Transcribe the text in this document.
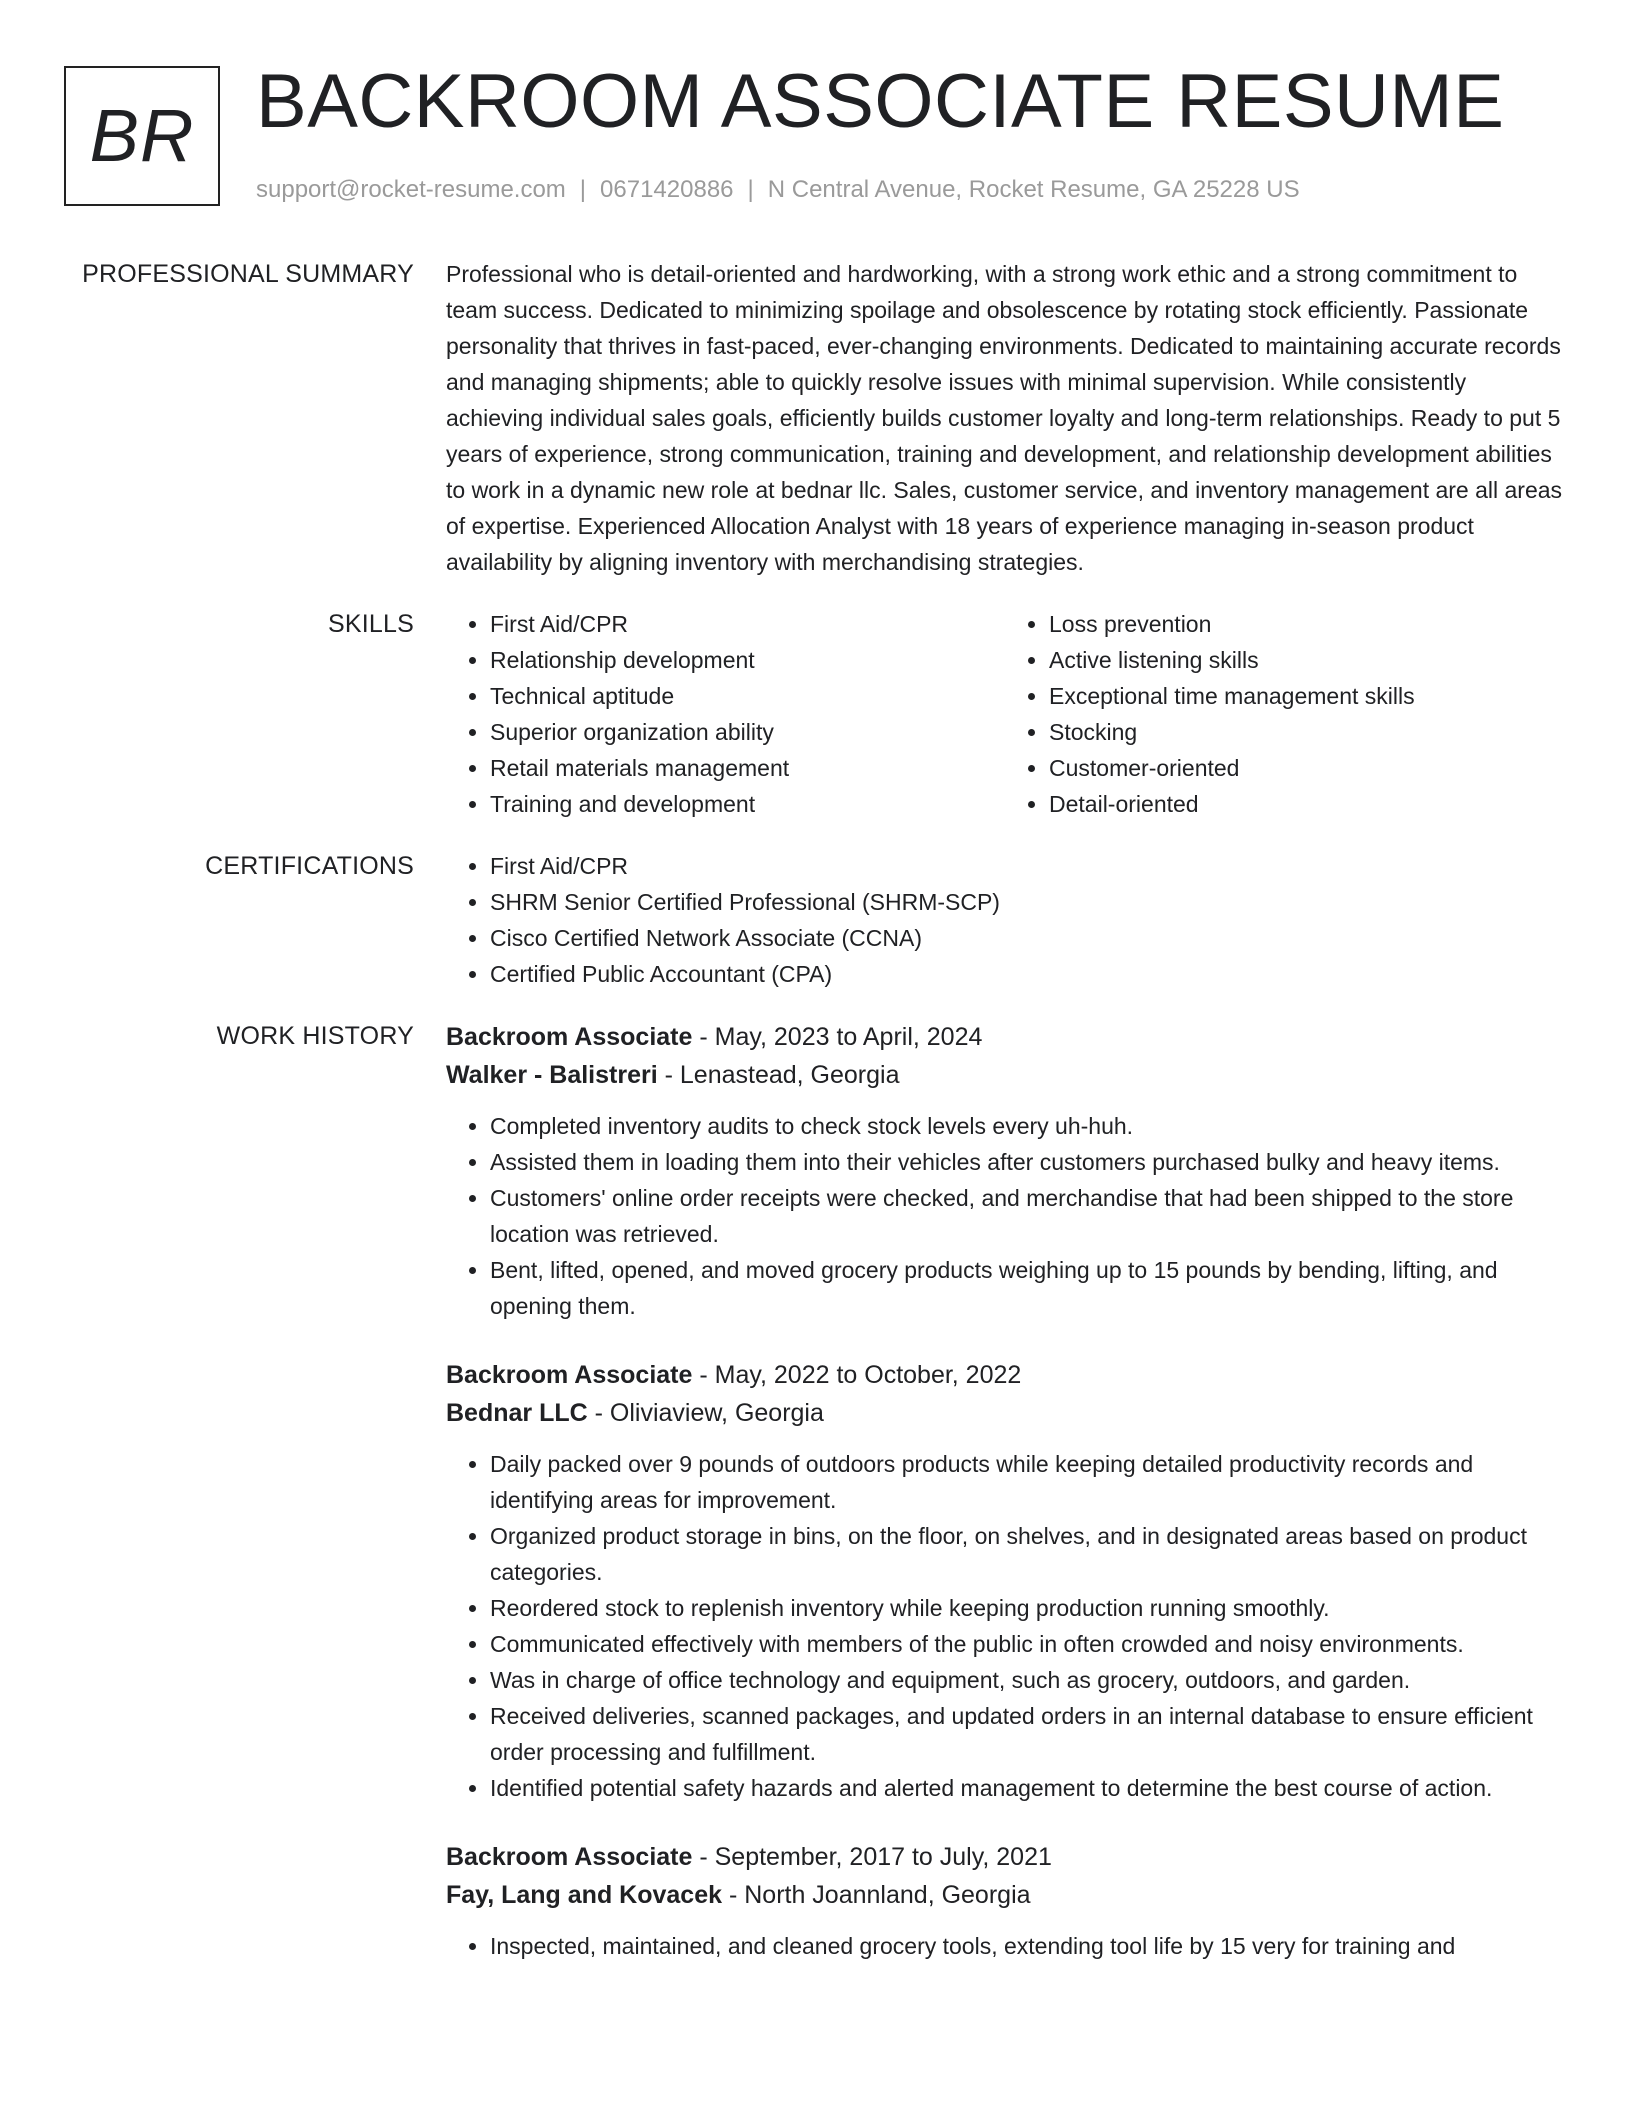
BR BACKROOM ASSOCIATE RESUME
support@rocket-resume.com | 0671420886 | N Central Avenue, Rocket Resume, GA 25228 US
PROFESSIONAL SUMMARY Professional who is detail-oriented and hardworking, with a strong work ethic and a strong commitment to team success. Dedicated to minimizing spoilage and obsolescence by rotating stock efficiently. Passionate personality that thrives in fast-paced, ever-changing environments. Dedicated to maintaining accurate records and managing shipments; able to quickly resolve issues with minimal supervision. While consistently achieving individual sales goals, efficiently builds customer loyalty and long-term relationships. Ready to put 5 years of experience, strong communication, training and development, and relationship development abilities to work in a dynamic new role at bednar llc. Sales, customer service, and inventory management are all areas of expertise. Experienced Allocation Analyst with 18 years of experience managing in-season product availability by aligning inventory with merchandising strategies.

SKILLS	• First Aid/CPR
• Relationship development
• Technical aptitude
• Superior organization ability
• Retail materials management
• Training and development
• Loss prevention
• Active listening skills
• Exceptional time management skills
• Stocking
• Customer-oriented
• Detail-oriented
CERTIFICATIONS	• First Aid/CPR
• SHRM Senior Certified Professional (SHRM-SCP)
• Cisco Certified Network Associate (CCNA)
• Certified Public Accountant (CPA)
WORK HISTORY Backroom Associate - May, 2023 to April, 2024
Walker - Balistreri - Lenastead, Georgia
• Completed inventory audits to check stock levels every uh-huh.
• Assisted them in loading them into their vehicles after customers purchased bulky and heavy items.
• Customers' online order receipts were checked, and merchandise that had been shipped to the store location was retrieved.
• Bent, lifted, opened, and moved grocery products weighing up to 15 pounds by bending, lifting, and opening them.
Backroom Associate - May, 2022 to October, 2022
Bednar LLC - Oliviaview, Georgia
• Daily packed over 9 pounds of outdoors products while keeping detailed productivity records and identifying areas for improvement.
• Organized product storage in bins, on the floor, on shelves, and in designated areas based on product categories.
• Reordered stock to replenish inventory while keeping production running smoothly.
• Communicated effectively with members of the public in often crowded and noisy environments.
• Was in charge of office technology and equipment, such as grocery, outdoors, and garden.
• Received deliveries, scanned packages, and updated orders in an internal database to ensure efficient order processing and fulfillment.
• Identified potential safety hazards and alerted management to determine the best course of action.
Backroom Associate - September, 2017 to July, 2021
Fay, Lang and Kovacek - North Joannland, Georgia
• Inspected, maintained, and cleaned grocery tools, extending tool life by 15 very for training and
